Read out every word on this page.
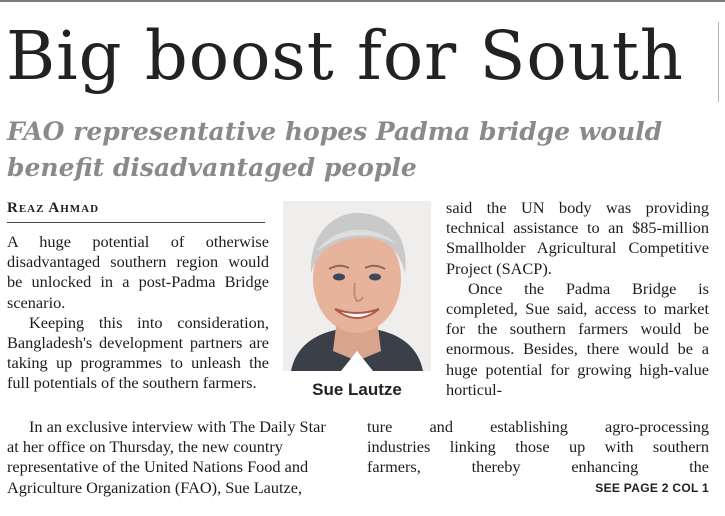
Big boost for South
FAO representative hopes Padma bridge would benefit disadvantaged people
Reaz Ahmad

A huge potential of otherwise disadvantaged southern region would be unlocked in a post-Padma Bridge scenario.

Keeping this into consideration, Bangladesh's development partners are taking up programmes to unleash the full potentials of the southern farmers.	Sue Lautze

said the UN body was providing technical assistance to an $85-million Smallholder Agricultural Competitive Project (SACP).

Once the Padma Bridge is completed, Sue said, access to market for the southern farmers would be enormous. Besides, there would be a huge potential for growing high-value horticul-

In an exclusive interview with The Daily Star	ture and establishing agro-processing
at her office on Thursday, the new country	industries linking those up with southern
representative of the United Nations Food and	farmers, thereby enhancing the
Agriculture Organization (FAO), Sue Lautze,	SEE PAGE 2 COL 1
